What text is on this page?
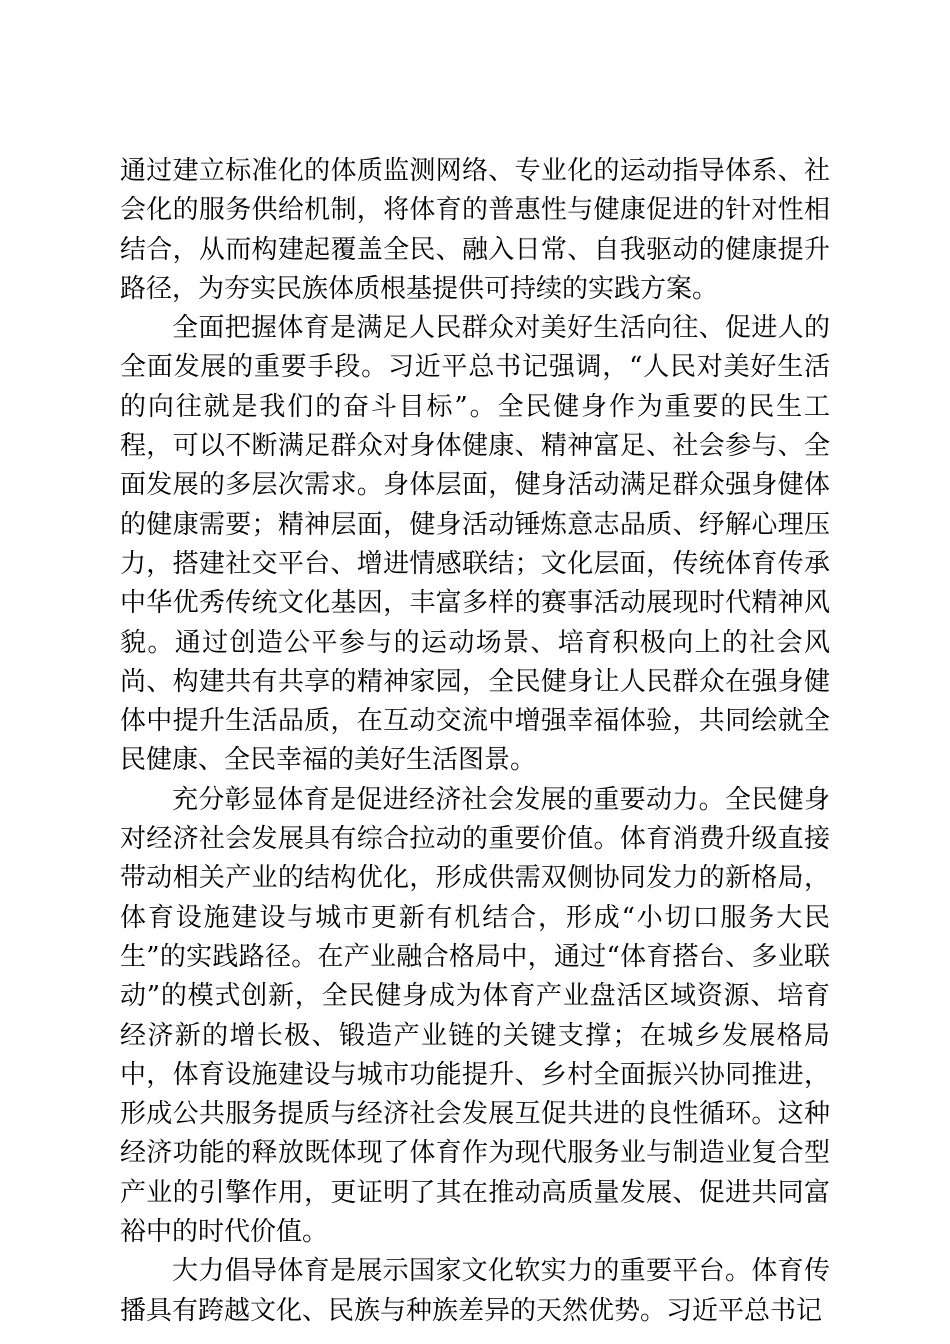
通过建立标准化的体质监测网络、专业化的运动指导体系、社会化的服务供给机制，将体育的普惠性与健康促进的针对性相结合，从而构建起覆盖全民、融入日常、自我驱动的健康提升路径，为夯实民族体质根基提供可持续的实践方案。

全面把握体育是满足人民群众对美好生活向往、促进人的全面发展的重要手段。习近平总书记强调，“人民对美好生活的向往就是我们的奋斗目标”。全民健身作为重要的民生工程，可以不断满足群众对身体健康、精神富足、社会参与、全面发展的多层次需求。身体层面，健身活动满足群众强身健体的健康需要；精神层面，健身活动锤炼意志品质、纾解心理压力，搭建社交平台、增进情感联结；文化层面，传统体育传承中华优秀传统文化基因，丰富多样的赛事活动展现时代精神风貌。通过创造公平参与的运动场景、培育积极向上的社会风尚、构建共有共享的精神家园，全民健身让人民群众在强身健体中提升生活品质，在互动交流中增强幸福体验，共同绘就全民健康、全民幸福的美好生活图景。

充分彰显体育是促进经济社会发展的重要动力。全民健身对经济社会发展具有综合拉动的重要价值。体育消费升级直接带动相关产业的结构优化，形成供需双侧协同发力的新格局，体育设施建设与城市更新有机结合，形成“小切口服务大民生”的实践路径。在产业融合格局中，通过“体育搭台、多业联动”的模式创新，全民健身成为体育产业盘活区域资源、培育经济新的增长极、锻造产业链的关键支撑；在城乡发展格局中，体育设施建设与城市功能提升、乡村全面振兴协同推进，形成公共服务提质与经济社会发展互促共进的良性循环。这种经济功能的释放既体现了体育作为现代服务业与制造业复合型产业的引擎作用，更证明了其在推动高质量发展、促进共同富裕中的时代价值。

大力倡导体育是展示国家文化软实力的重要平台。体育传播具有跨越文化、民族与种族差异的天然优势。习近平总书记
